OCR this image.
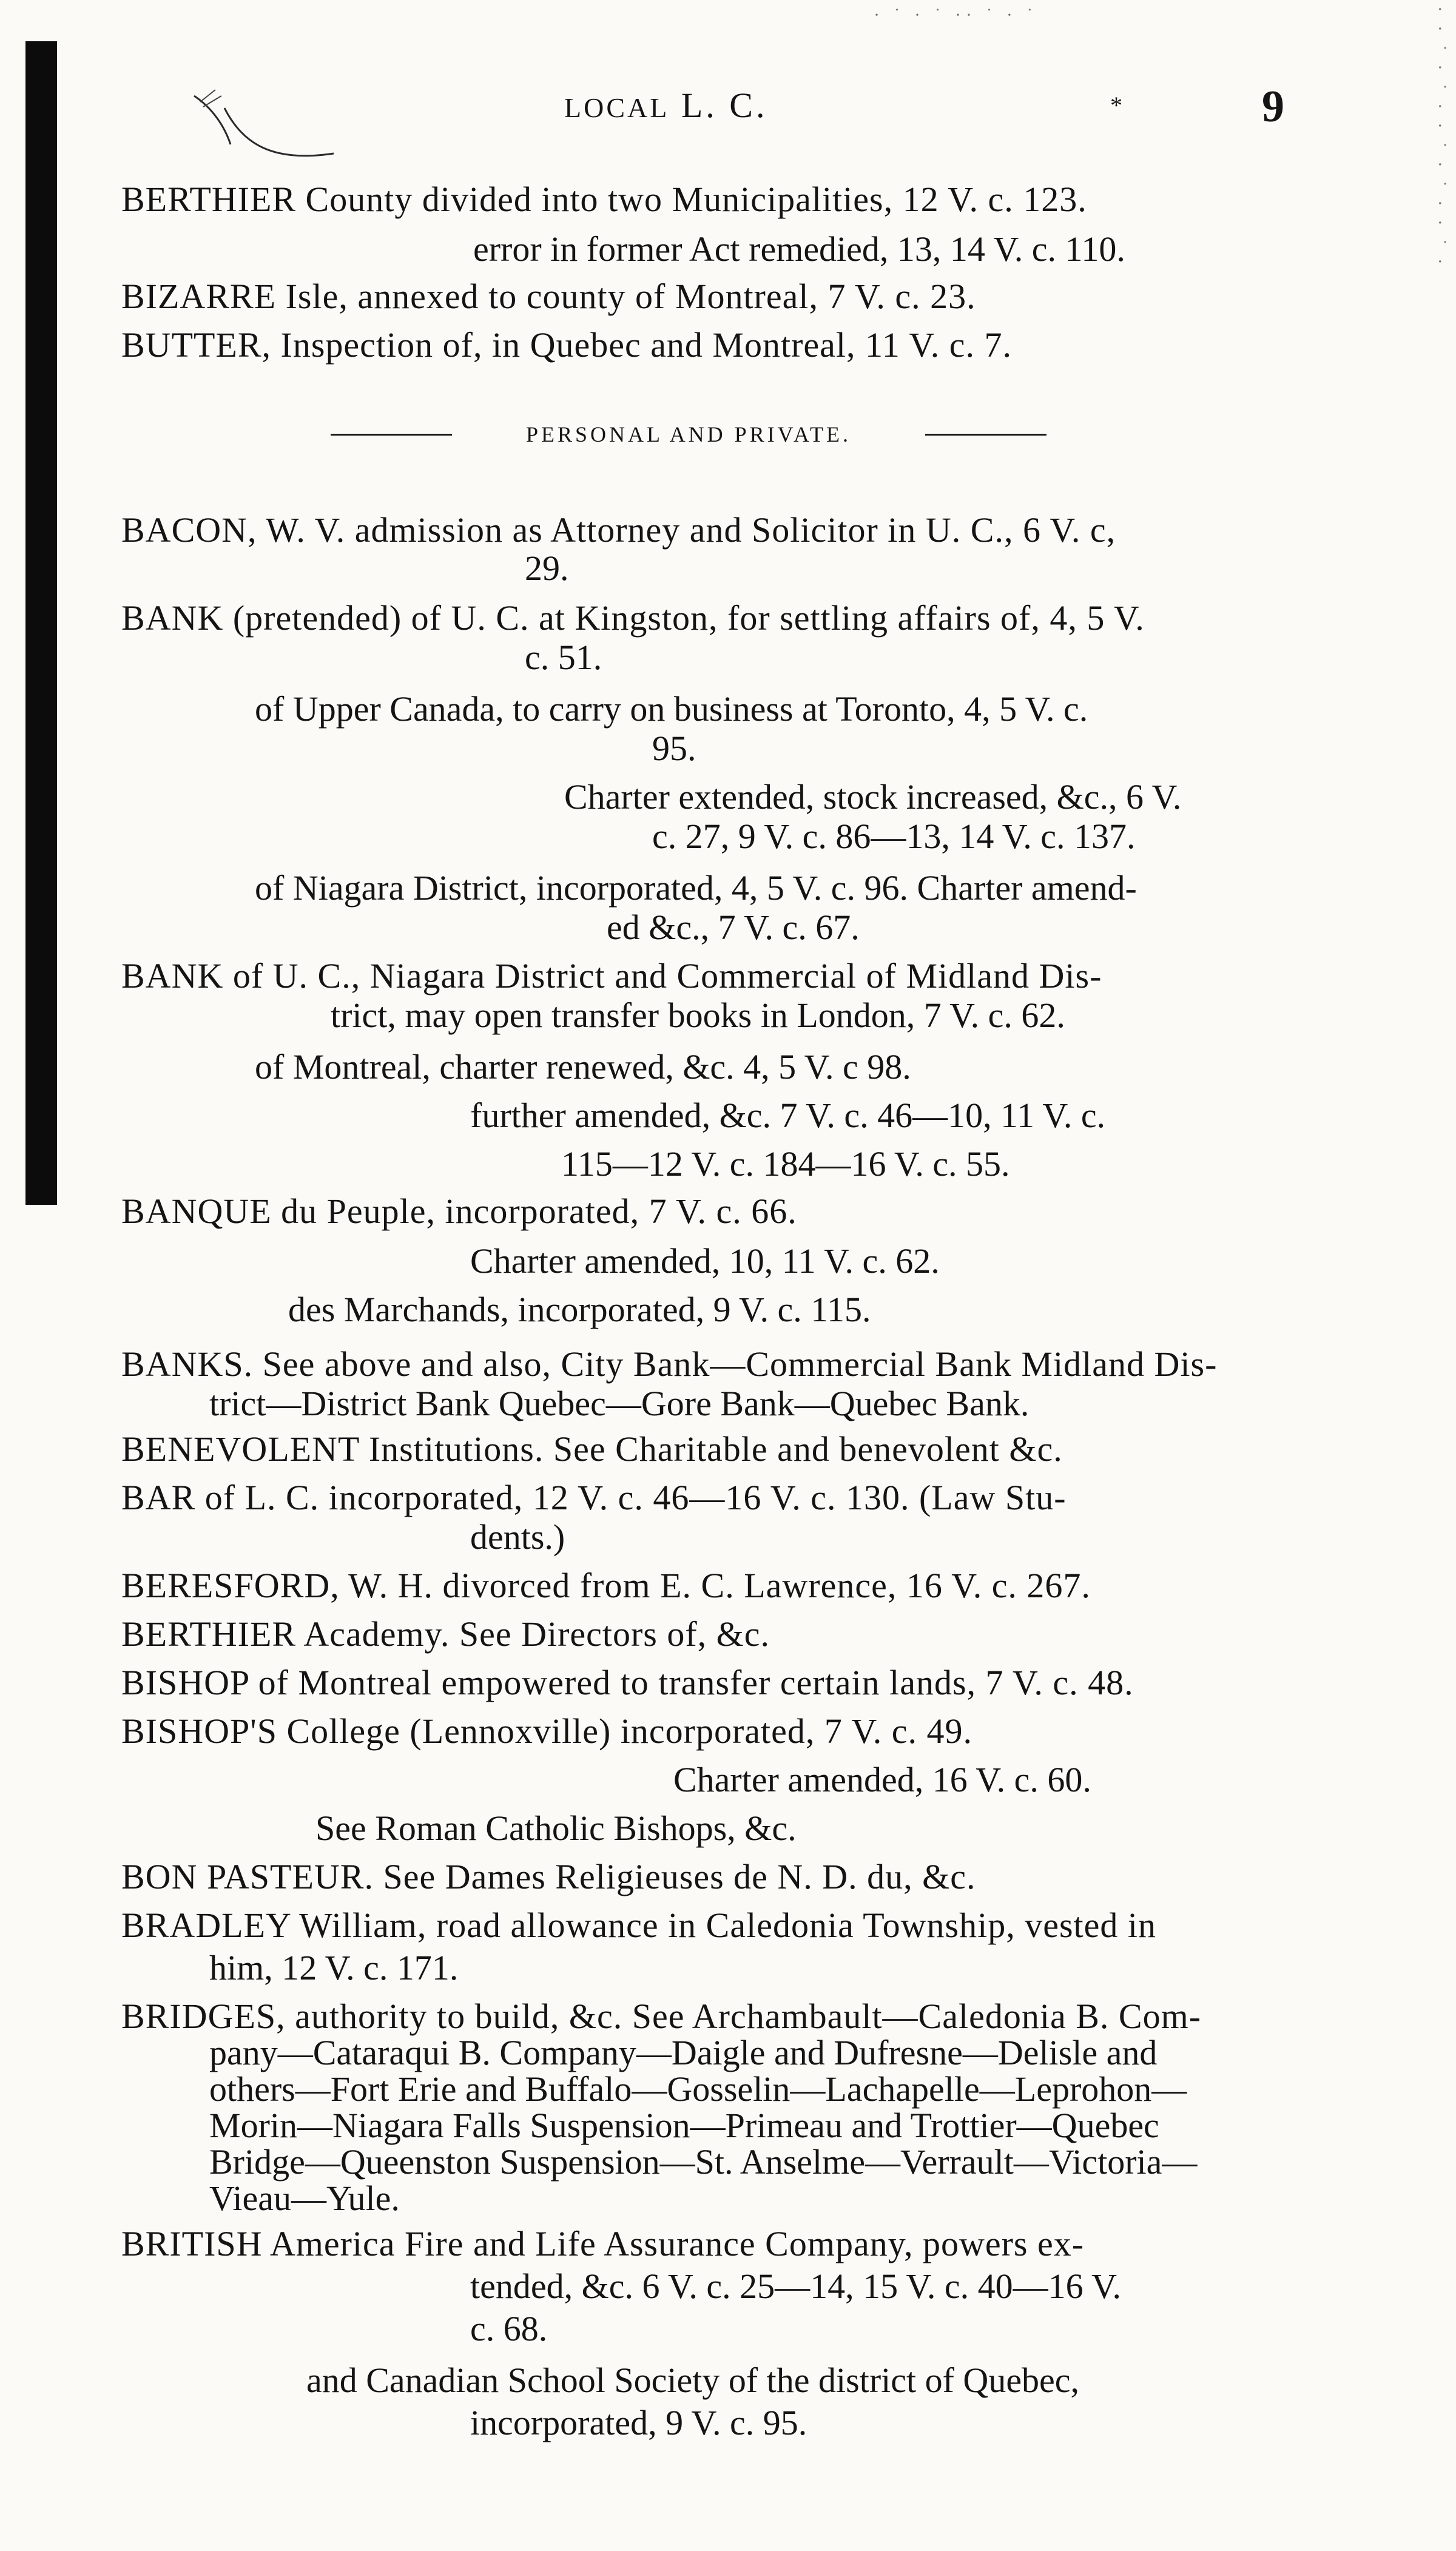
· ˙ · ˙ ·· ˙ · ˙	··˙·˙··˙·˙··˙·
LOCAL L. C.	*	9
BERTHIER County divided into two Municipalities, 12 V. c. 123.
error in former Act remedied, 13, 14 V. c. 110.
BIZARRE Isle, annexed to county of Montreal, 7 V. c. 23.
BUTTER, Inspection of, in Quebec and Montreal, 11 V. c. 7.
PERSONAL AND PRIVATE.
BACON, W. V. admission as Attorney and Solicitor in U. C., 6 V. c,
29.
BANK (pretended) of U. C. at Kingston, for settling affairs of, 4, 5 V.
c. 51.
of Upper Canada, to carry on business at Toronto, 4, 5 V. c.
95.
Charter extended, stock increased, &c., 6 V.
c. 27, 9 V. c. 86—13, 14 V. c. 137.
of Niagara District, incorporated, 4, 5 V. c. 96. Charter amend-
ed &c., 7 V. c. 67.
BANK of U. C., Niagara District and Commercial of Midland Dis-
trict, may open transfer books in London, 7 V. c. 62.
of Montreal, charter renewed, &c. 4, 5 V. c 98.
further amended, &c. 7 V. c. 46—10, 11 V. c.
115—12 V. c. 184—16 V. c. 55.
BANQUE du Peuple, incorporated, 7 V. c. 66.
Charter amended, 10, 11 V. c. 62.
des Marchands, incorporated, 9 V. c. 115.
BANKS. See above and also, City Bank—Commercial Bank Midland Dis-
trict—District Bank Quebec—Gore Bank—Quebec Bank.
BENEVOLENT Institutions. See Charitable and benevolent &c.
BAR of L. C. incorporated, 12 V. c. 46—16 V. c. 130. (Law Stu-
dents.)
BERESFORD, W. H. divorced from E. C. Lawrence, 16 V. c. 267.
BERTHIER Academy. See Directors of, &c.
BISHOP of Montreal empowered to transfer certain lands, 7 V. c. 48.
BISHOP'S College (Lennoxville) incorporated, 7 V. c. 49.
Charter amended, 16 V. c. 60.
See Roman Catholic Bishops, &c.
BON PASTEUR. See Dames Religieuses de N. D. du, &c.
BRADLEY William, road allowance in Caledonia Township, vested in
him, 12 V. c. 171.
BRIDGES, authority to build, &c. See Archambault—Caledonia B. Com-
pany—Cataraqui B. Company—Daigle and Dufresne—Delisle and
others—Fort Erie and Buffalo—Gosselin—Lachapelle—Leprohon—
Morin—Niagara Falls Suspension—Primeau and Trottier—Quebec
Bridge—Queenston Suspension—St. Anselme—Verrault—Victoria—
Vieau—Yule.
BRITISH America Fire and Life Assurance Company, powers ex-
tended, &c. 6 V. c. 25—14, 15 V. c. 40—16 V.
c. 68.
and Canadian School Society of the district of Quebec,
incorporated, 9 V. c. 95.
